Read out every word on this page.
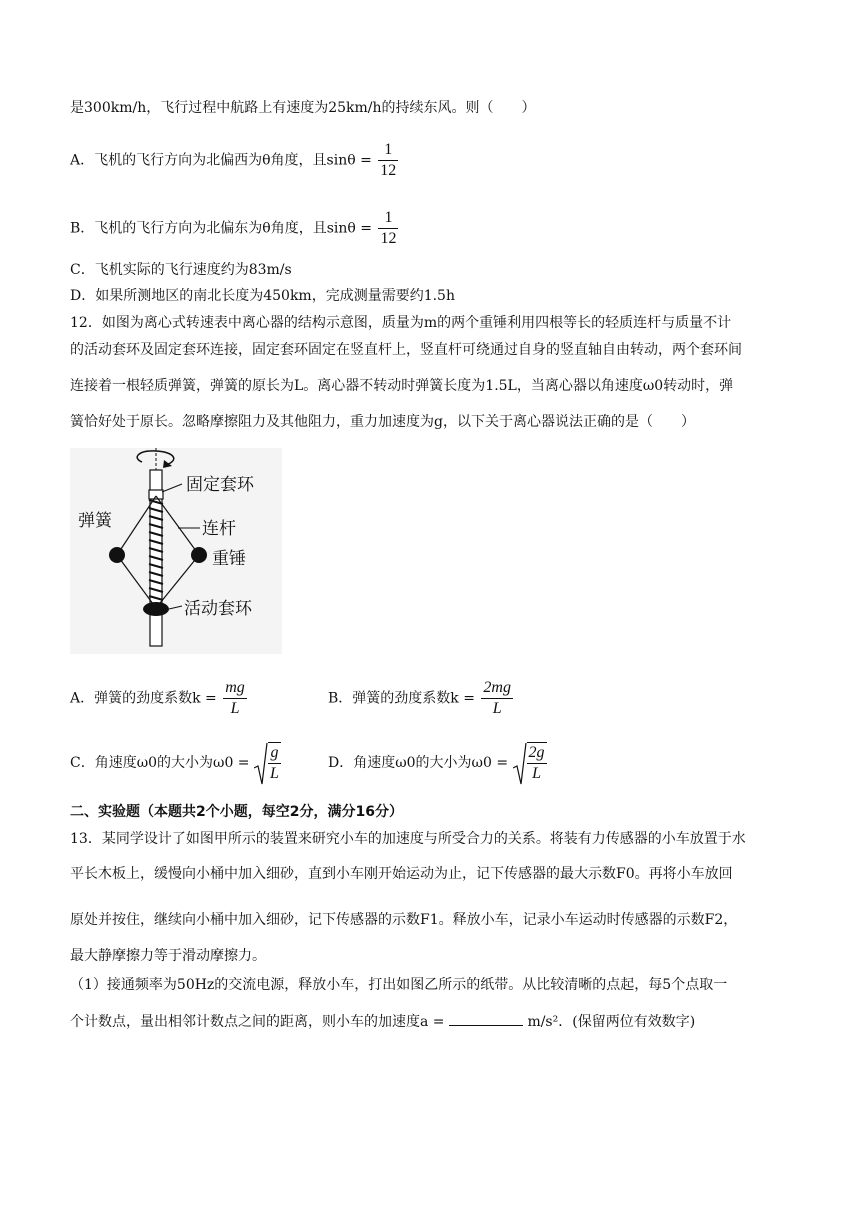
是300km/h，飞行过程中航路上有速度为25km/h的持续东风。则（　　）
A．飞机的飞行方向为北偏西为θ角度，且$\sin\theta = \frac{1}{12}$
B．飞机的飞行方向为北偏东为θ角度，且$\sin\theta = \frac{1}{12}$
C．飞机实际的飞行速度约为83m/s
D．如果所测地区的南北长度为450km，完成测量需要约1.5h
12．如图为离心式转速表中离心器的结构示意图，质量为m的两个重锤利用四根等长的轻质连杆与质量不计
的活动套环及固定套环连接，固定套环固定在竖直杆上，竖直杆可绕通过自身的竖直轴自由转动，两个套环间
连接着一根轻质弹簧，弹簧的原长为L。离心器不转动时弹簧长度为1.5L，当离心器以角速度ω0转动时，弹
簧恰好处于原长。忽略摩擦阻力及其他阻力，重力加速度为g，以下关于离心器说法正确的是（　　）
固定套环
弹簧	连杆
重锤
活动套环
A．弹簧的劲度系数$k = \frac{mg}{L}$	B．弹簧的劲度系数$k = \frac{2mg}{L}$
C．角速度ω0的大小为$\omega 0 = \frac{g}{L}$	D．角速度ω0的大小为$\omega 0 = \frac{2g}{L}$
二、实验题（本题共2个小题，每空2分，满分16分）
13．某同学设计了如图甲所示的装置来研究小车的加速度与所受合力的关系。将装有力传感器的小车放置于水
平长木板上，缓慢向小桶中加入细砂，直到小车刚开始运动为止，记下传感器的最大示数F0。再将小车放回
原处并按住，继续向小桶中加入细砂，记下传感器的示数F1。释放小车，记录小车运动时传感器的示数F2，
最大静摩擦力等于滑动摩擦力。
（1）接通频率为50Hz的交流电源，释放小车，打出如图乙所示的纸带。从比较清晰的点起，每5个点取一
个计数点，量出相邻计数点之间的距离，则小车的加速度a =	m/s²．(保留两位有效数字)
